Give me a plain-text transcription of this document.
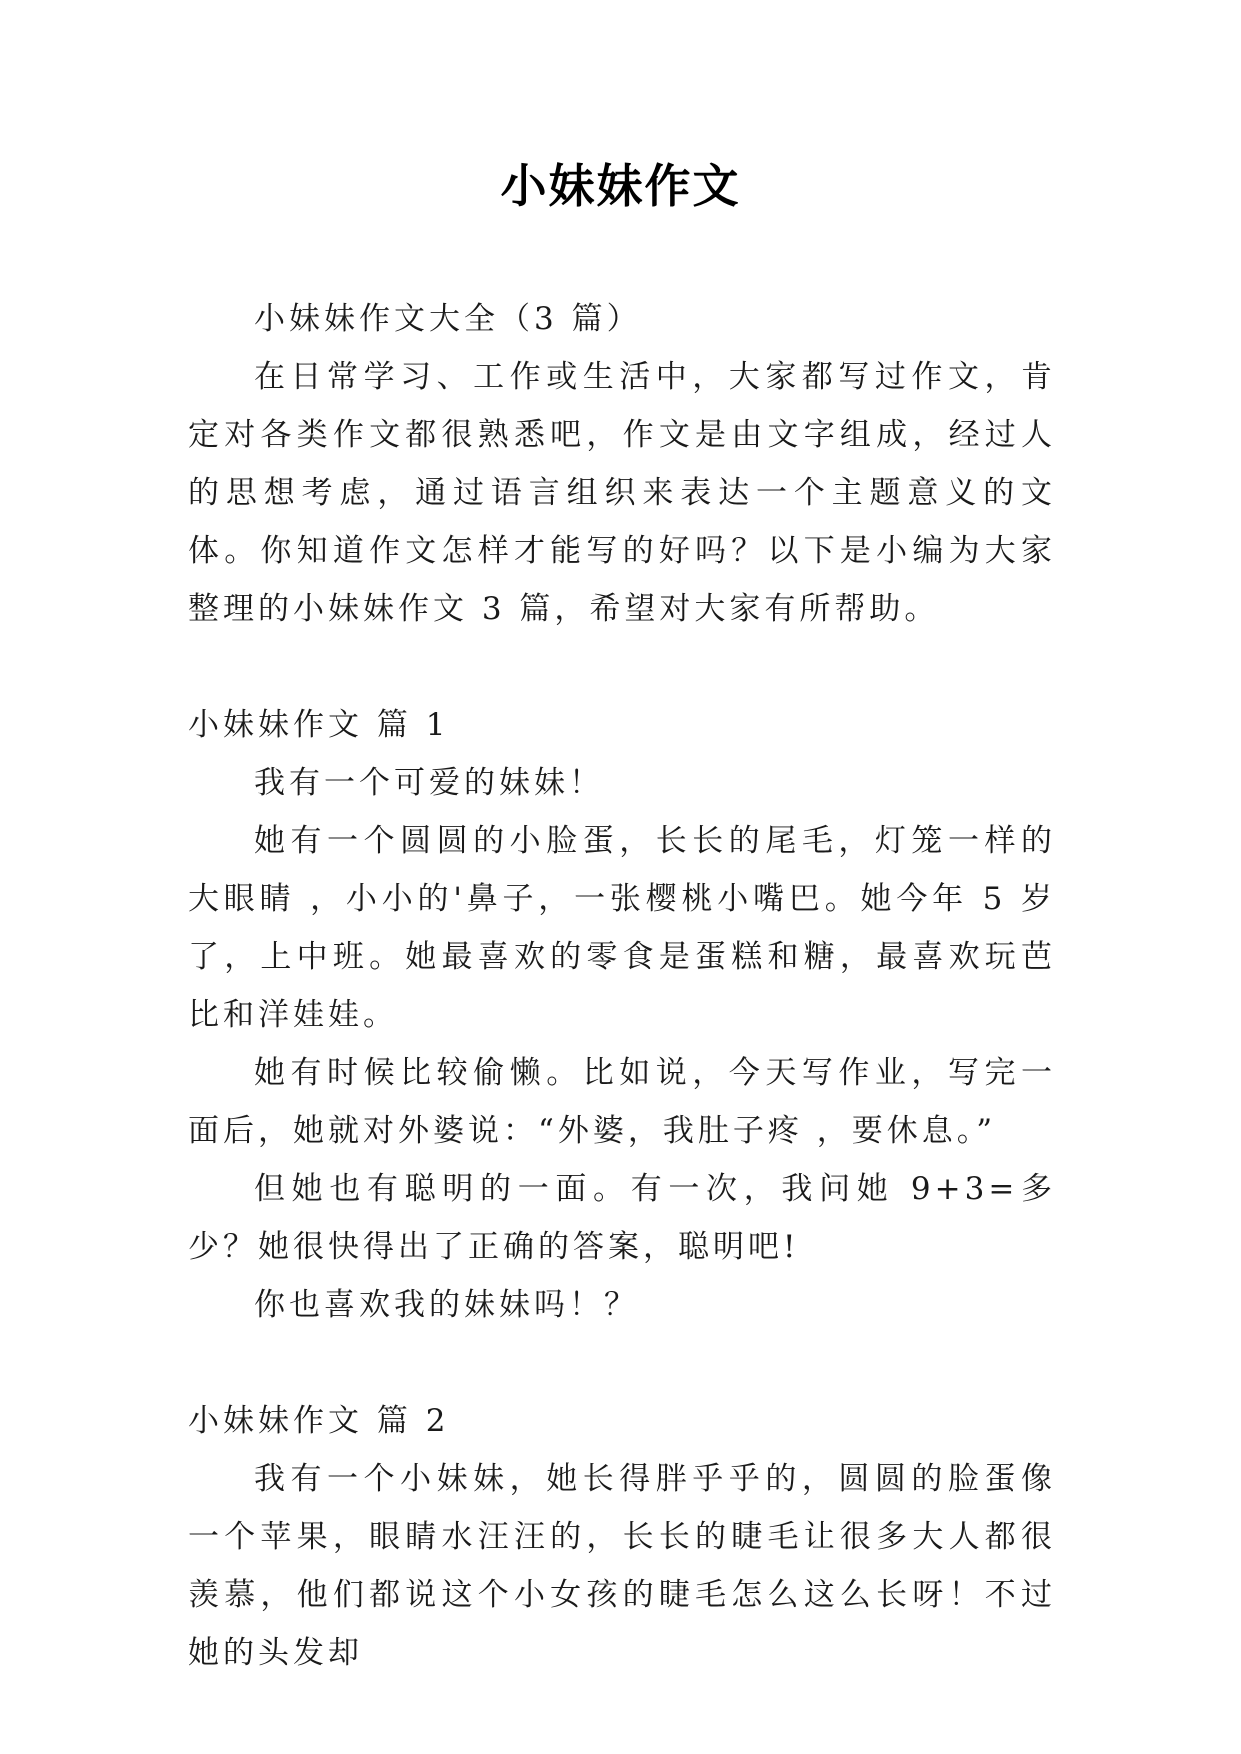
小妹妹作文

小妹妹作文大全（3 篇）

在日常学习、工作或生活中，大家都写过作文，肯定对各类作文都很熟悉吧，作文是由文字组成，经过人的思想考虑，通过语言组织来表达一个主题意义的文体。你知道作文怎样才能写的好吗？以下是小编为大家整理的小妹妹作文 3 篇，希望对大家有所帮助。

小妹妹作文 篇 1

我有一个可爱的妹妹！

她有一个圆圆的小脸蛋，长长的尾毛，灯笼一样的大眼睛 ，小小的'鼻子，一张樱桃小嘴巴。她今年 5 岁了，上中班。她最喜欢的零食是蛋糕和糖，最喜欢玩芭比和洋娃娃。

她有时候比较偷懒。比如说，今天写作业，写完一面后，她就对外婆说：“外婆，我肚子疼 ，要休息。”

但她也有聪明的一面。有一次，我问她 9+3=多少？她很快得出了正确的答案，聪明吧!

你也喜欢我的妹妹吗！？

小妹妹作文 篇 2

我有一个小妹妹，她长得胖乎乎的，圆圆的脸蛋像一个苹果，眼睛水汪汪的，长长的睫毛让很多大人都很羡慕，他们都说这个小女孩的睫毛怎么这么长呀！不过她的头发却
